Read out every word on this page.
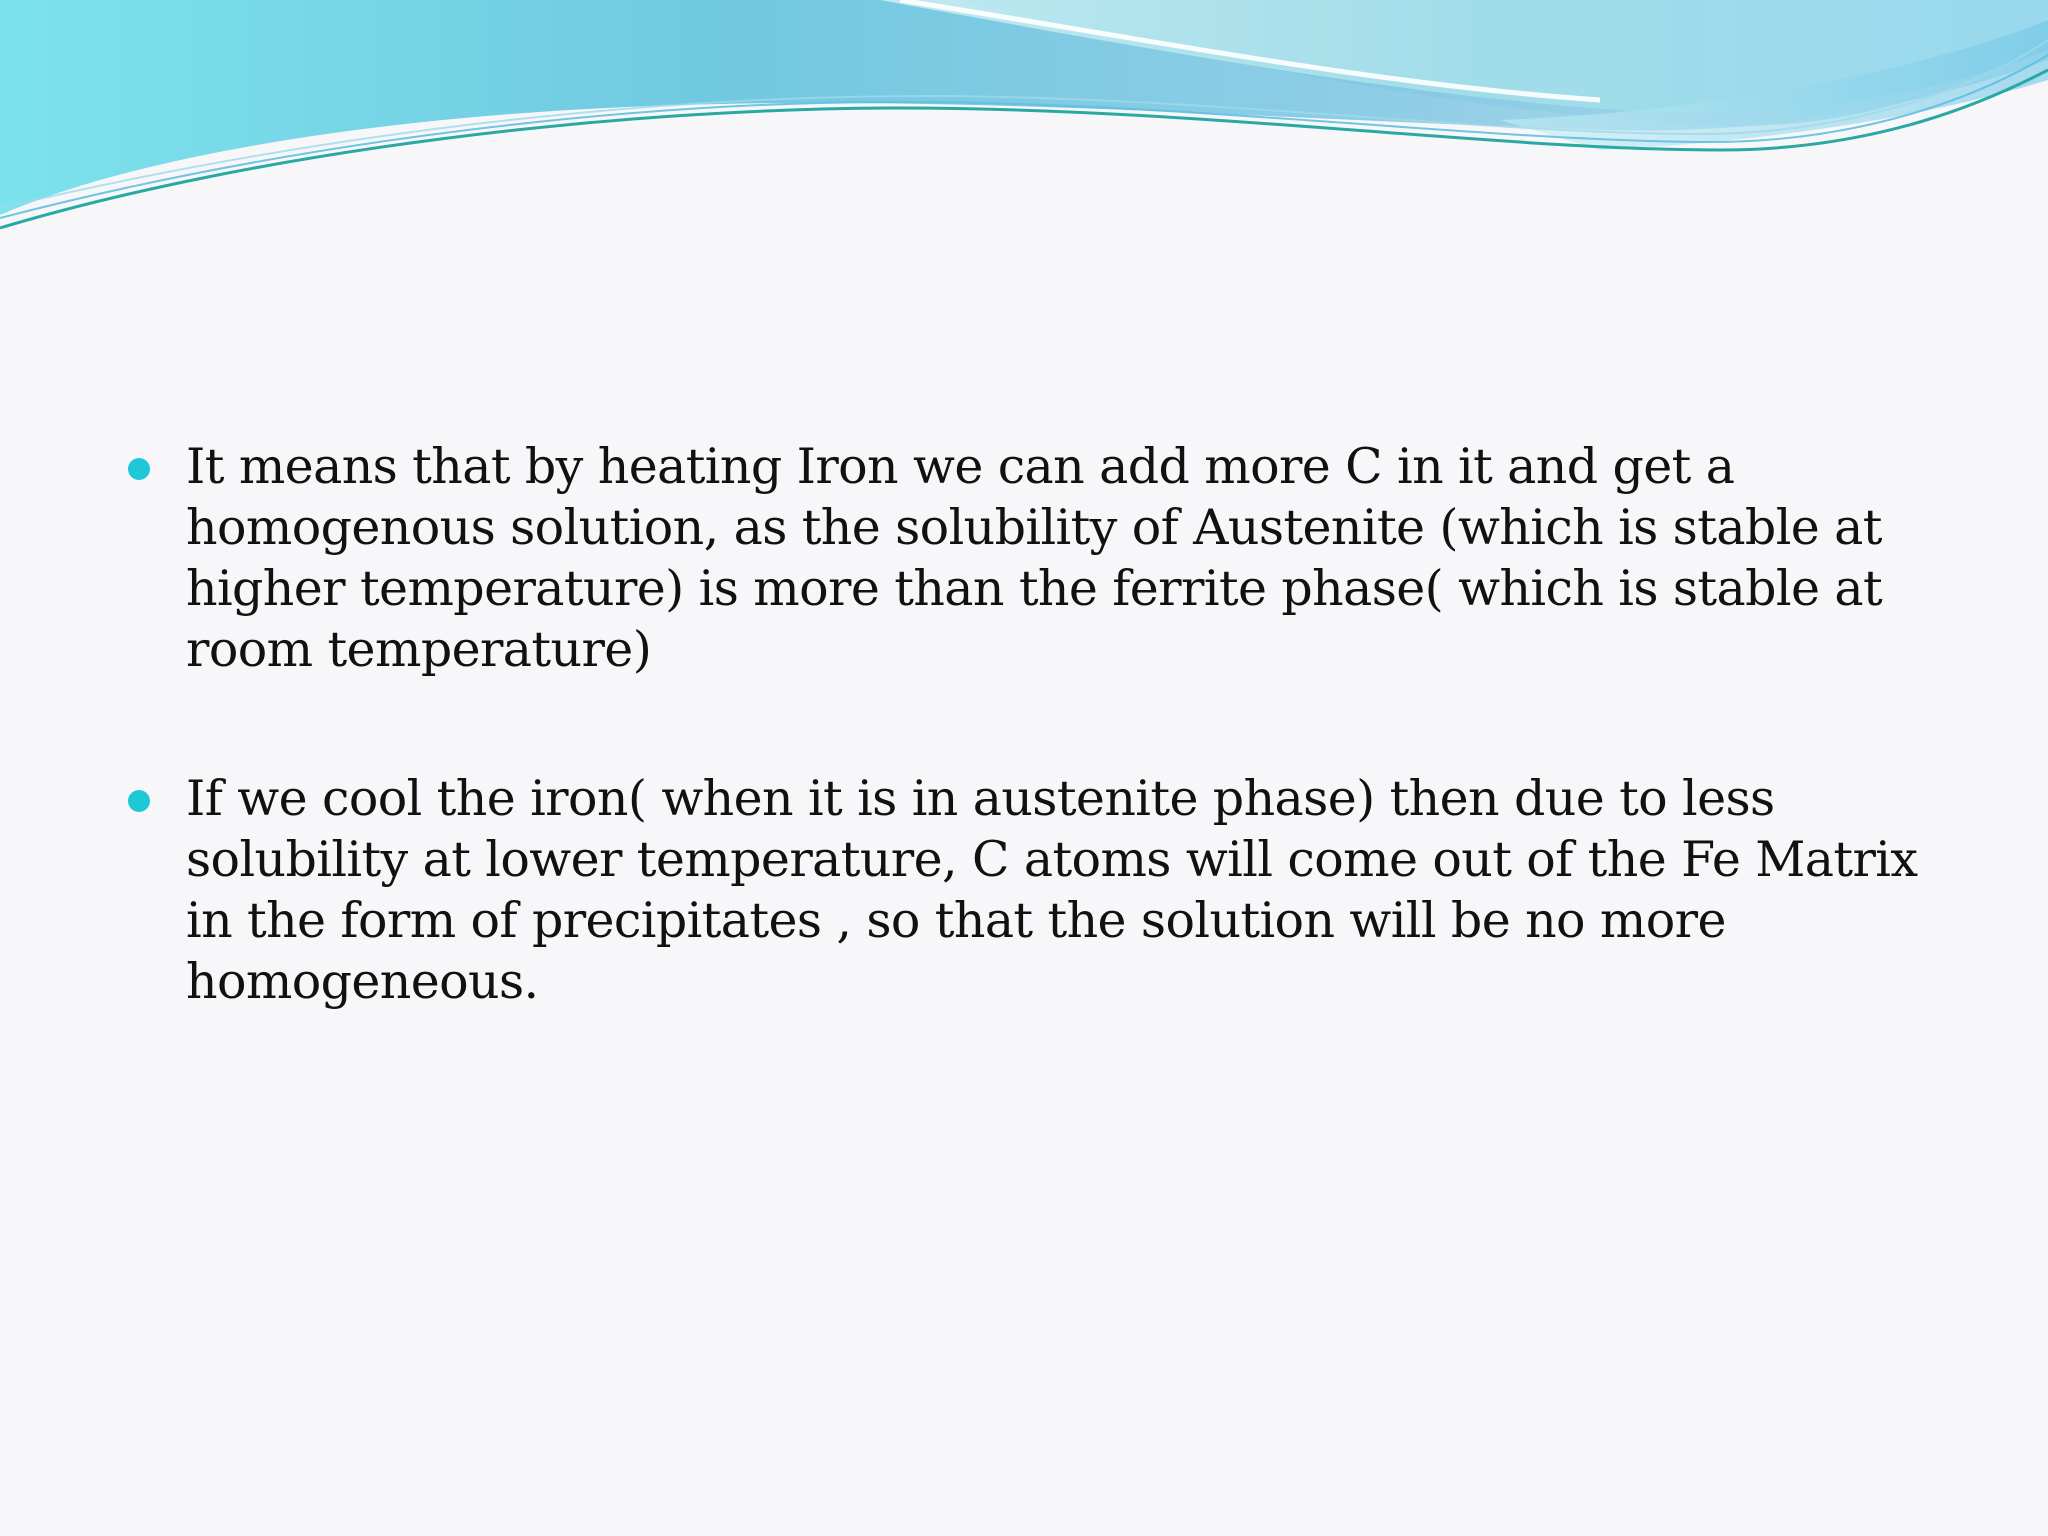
It means that by heating Iron we can add more C in it and get a homogenous solution, as the solubility of Austenite (which is stable at higher temperature) is more than the ferrite phase( which is stable at room temperature)
If we cool the iron( when it is in austenite phase) then due to less solubility at lower temperature, C atoms will come out of the Fe Matrix in the form of precipitates , so that the solution will be no more homogeneous.
